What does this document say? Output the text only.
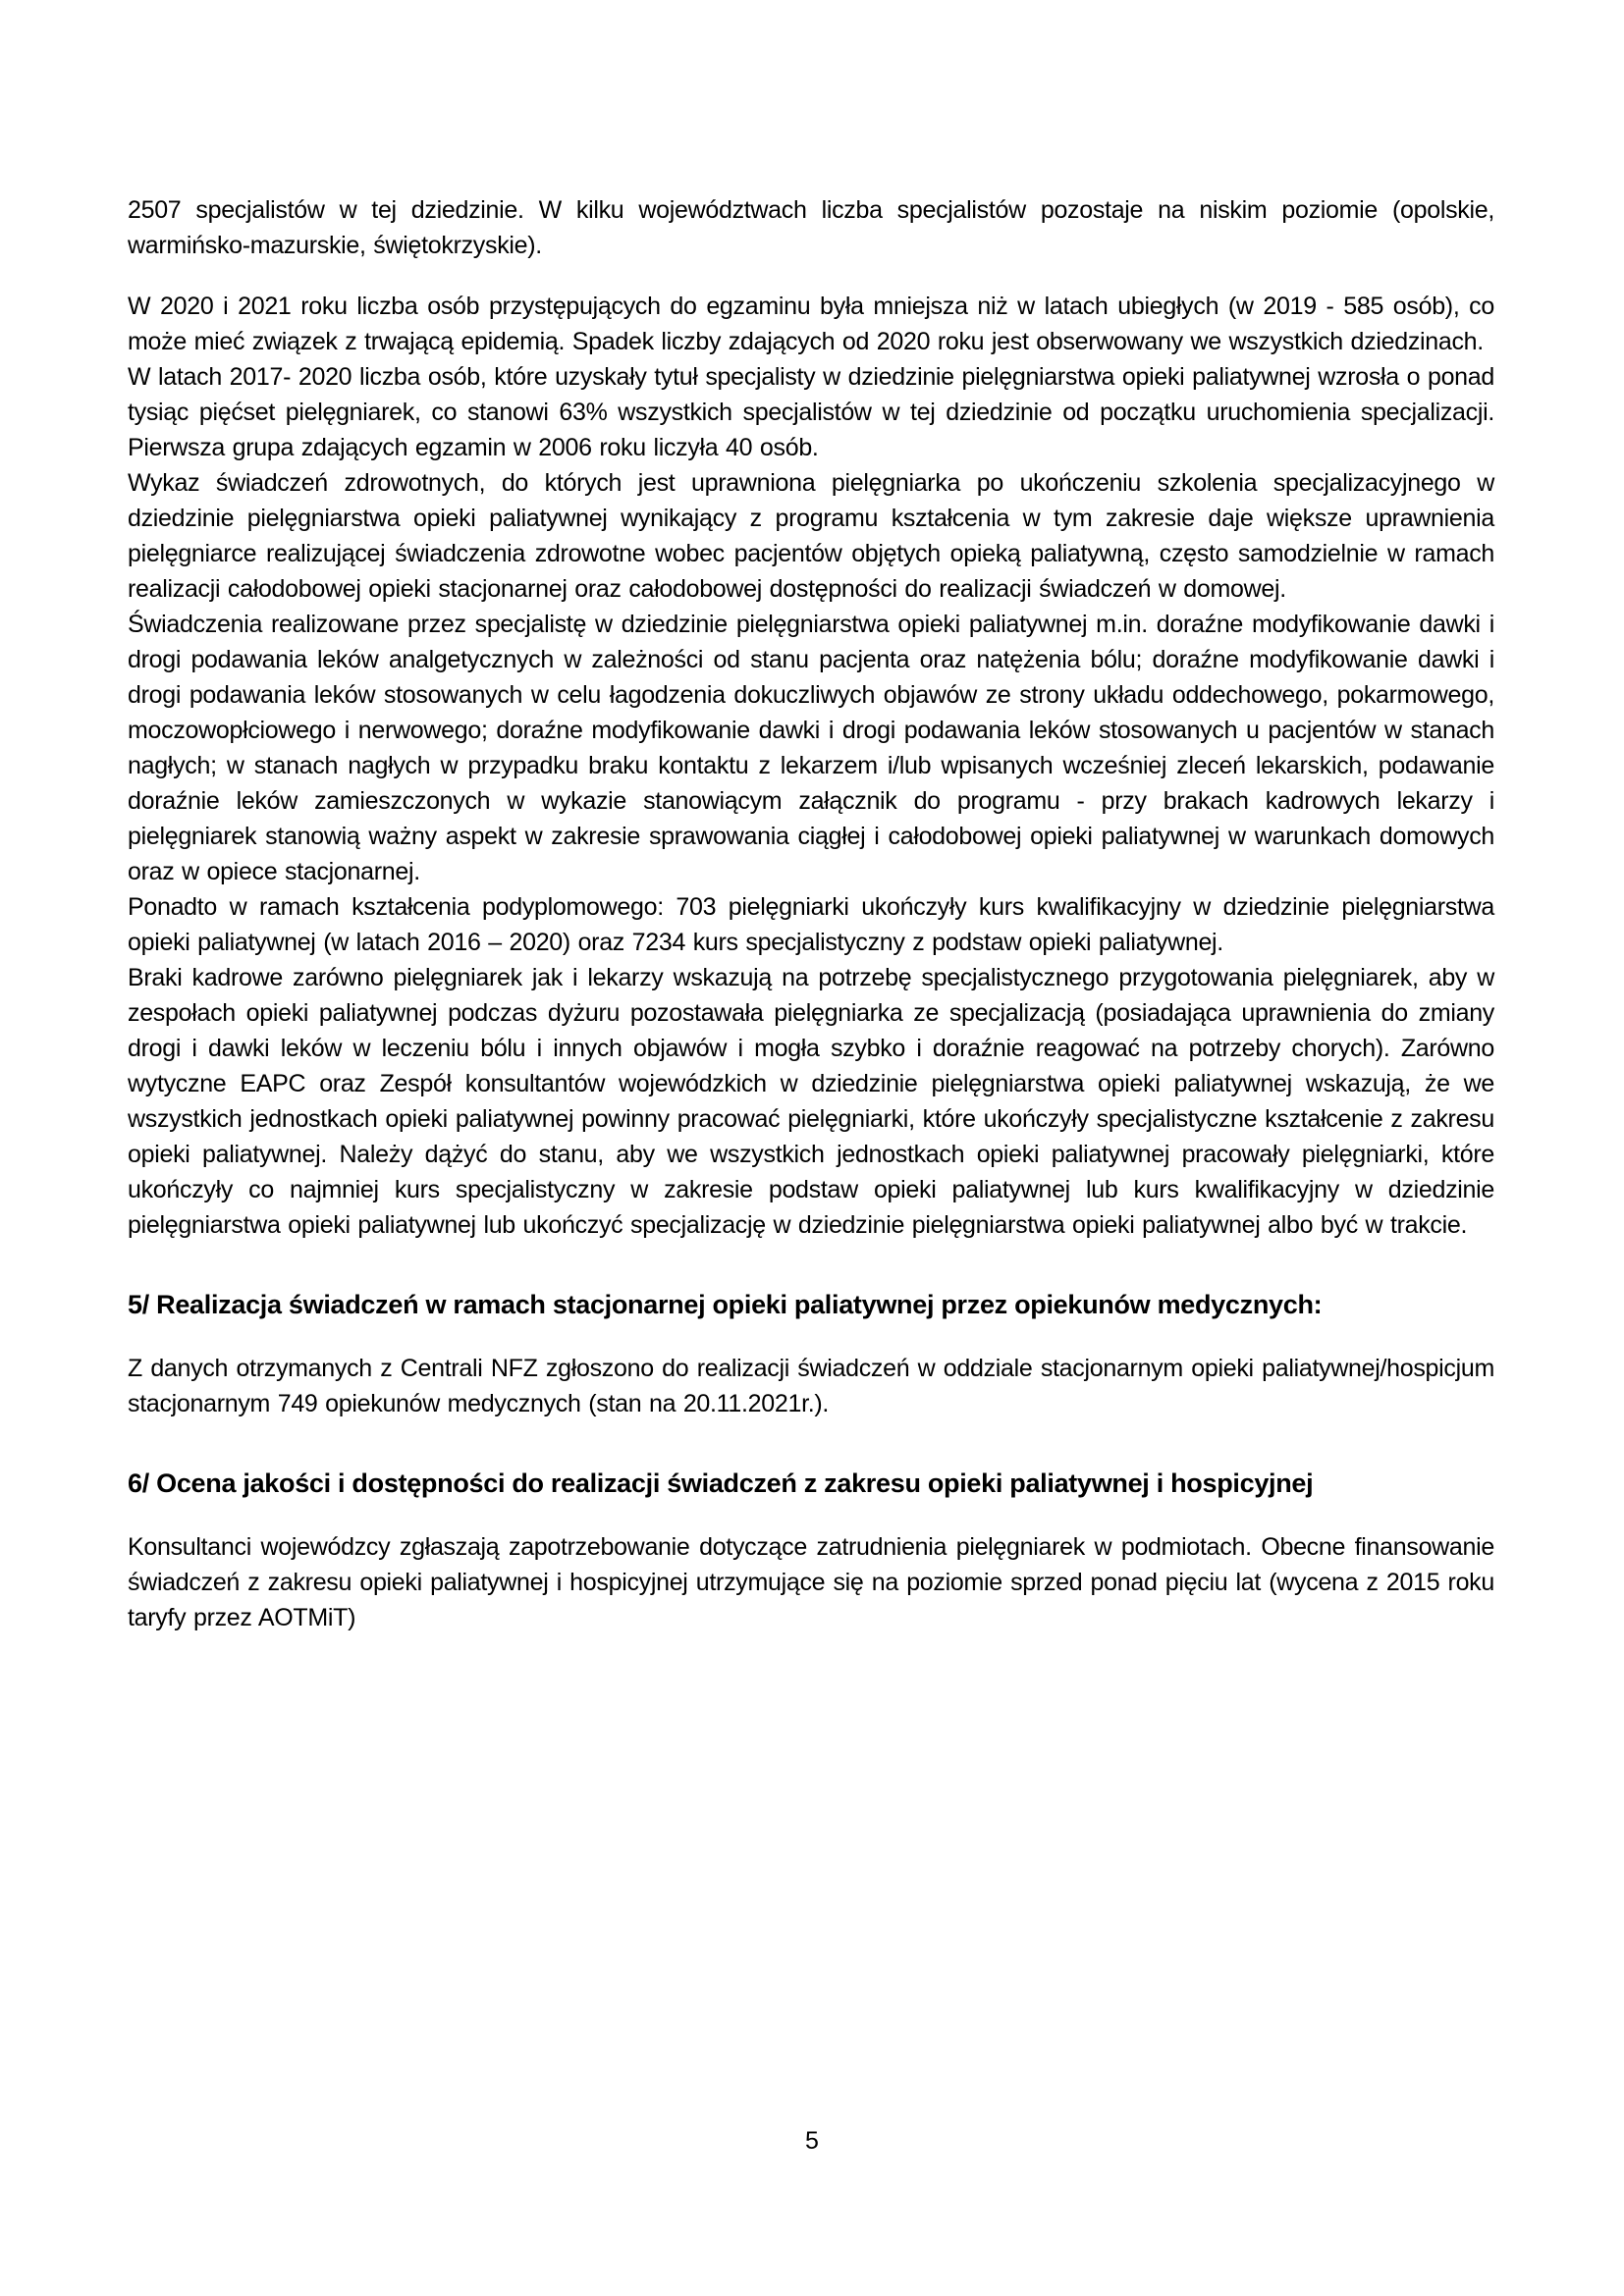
2507 specjalistów w tej dziedzinie. W kilku województwach liczba specjalistów pozostaje na niskim poziomie (opolskie, warmińsko-mazurskie, świętokrzyskie).

W 2020 i 2021 roku liczba osób przystępujących do egzaminu była mniejsza niż w latach ubiegłych (w 2019 - 585 osób), co może mieć związek z trwającą epidemią. Spadek liczby zdających od 2020 roku jest obserwowany we wszystkich dziedzinach.

W latach 2017- 2020 liczba osób, które uzyskały tytuł specjalisty w dziedzinie pielęgniarstwa opieki paliatywnej wzrosła o ponad tysiąc pięćset pielęgniarek, co stanowi 63% wszystkich specjalistów w tej dziedzinie od początku uruchomienia specjalizacji. Pierwsza grupa zdających egzamin w 2006 roku liczyła 40 osób.

Wykaz świadczeń zdrowotnych, do których jest uprawniona pielęgniarka po ukończeniu szkolenia specjalizacyjnego w dziedzinie pielęgniarstwa opieki paliatywnej wynikający z programu kształcenia w tym zakresie daje większe uprawnienia pielęgniarce realizującej świadczenia zdrowotne wobec pacjentów objętych opieką paliatywną, często samodzielnie w ramach realizacji całodobowej opieki stacjonarnej oraz całodobowej dostępności do realizacji świadczeń w domowej.

Świadczenia realizowane przez specjalistę w dziedzinie pielęgniarstwa opieki paliatywnej m.in. doraźne modyfikowanie dawki i drogi podawania leków analgetycznych w zależności od stanu pacjenta oraz natężenia bólu; doraźne modyfikowanie dawki i drogi podawania leków stosowanych w celu łagodzenia dokuczliwych objawów ze strony układu oddechowego, pokarmowego, moczowopłciowego i nerwowego; doraźne modyfikowanie dawki i drogi podawania leków stosowanych u pacjentów w stanach nagłych; w stanach nagłych w przypadku braku kontaktu z lekarzem i/lub wpisanych wcześniej zleceń lekarskich, podawanie doraźnie leków zamieszczonych w wykazie stanowiącym załącznik do programu - przy brakach kadrowych lekarzy i pielęgniarek stanowią ważny aspekt w zakresie sprawowania ciągłej i całodobowej opieki paliatywnej w warunkach domowych oraz w opiece stacjonarnej.

Ponadto w ramach kształcenia podyplomowego: 703 pielęgniarki ukończyły kurs kwalifikacyjny w dziedzinie pielęgniarstwa opieki paliatywnej (w latach 2016 – 2020) oraz 7234 kurs specjalistyczny z podstaw opieki paliatywnej.

Braki kadrowe zarówno pielęgniarek jak i lekarzy wskazują na potrzebę specjalistycznego przygotowania pielęgniarek, aby w zespołach opieki paliatywnej podczas dyżuru pozostawała pielęgniarka ze specjalizacją (posiadająca uprawnienia do zmiany drogi i dawki leków w leczeniu bólu i innych objawów i mogła szybko i doraźnie reagować na potrzeby chorych). Zarówno wytyczne EAPC oraz Zespół konsultantów wojewódzkich w dziedzinie pielęgniarstwa opieki paliatywnej wskazują, że we wszystkich jednostkach opieki paliatywnej powinny pracować pielęgniarki, które ukończyły specjalistyczne kształcenie z zakresu opieki paliatywnej. Należy dążyć do stanu, aby we wszystkich jednostkach opieki paliatywnej pracowały pielęgniarki, które ukończyły co najmniej kurs specjalistyczny w zakresie podstaw opieki paliatywnej lub kurs kwalifikacyjny w dziedzinie pielęgniarstwa opieki paliatywnej lub ukończyć specjalizację w dziedzinie pielęgniarstwa opieki paliatywnej albo być w trakcie.

5/ Realizacja świadczeń w ramach stacjonarnej opieki paliatywnej przez opiekunów medycznych:

Z danych otrzymanych z Centrali NFZ zgłoszono do realizacji świadczeń w oddziale stacjonarnym opieki paliatywnej/hospicjum stacjonarnym 749 opiekunów medycznych (stan na 20.11.2021r.).

6/ Ocena jakości i dostępności do realizacji świadczeń z zakresu opieki paliatywnej i hospicyjnej

Konsultanci wojewódzcy zgłaszają zapotrzebowanie dotyczące zatrudnienia pielęgniarek w podmiotach. Obecne finansowanie świadczeń z zakresu opieki paliatywnej i hospicyjnej utrzymujące się na poziomie sprzed ponad pięciu lat (wycena z 2015 roku taryfy przez AOTMiT)

5
